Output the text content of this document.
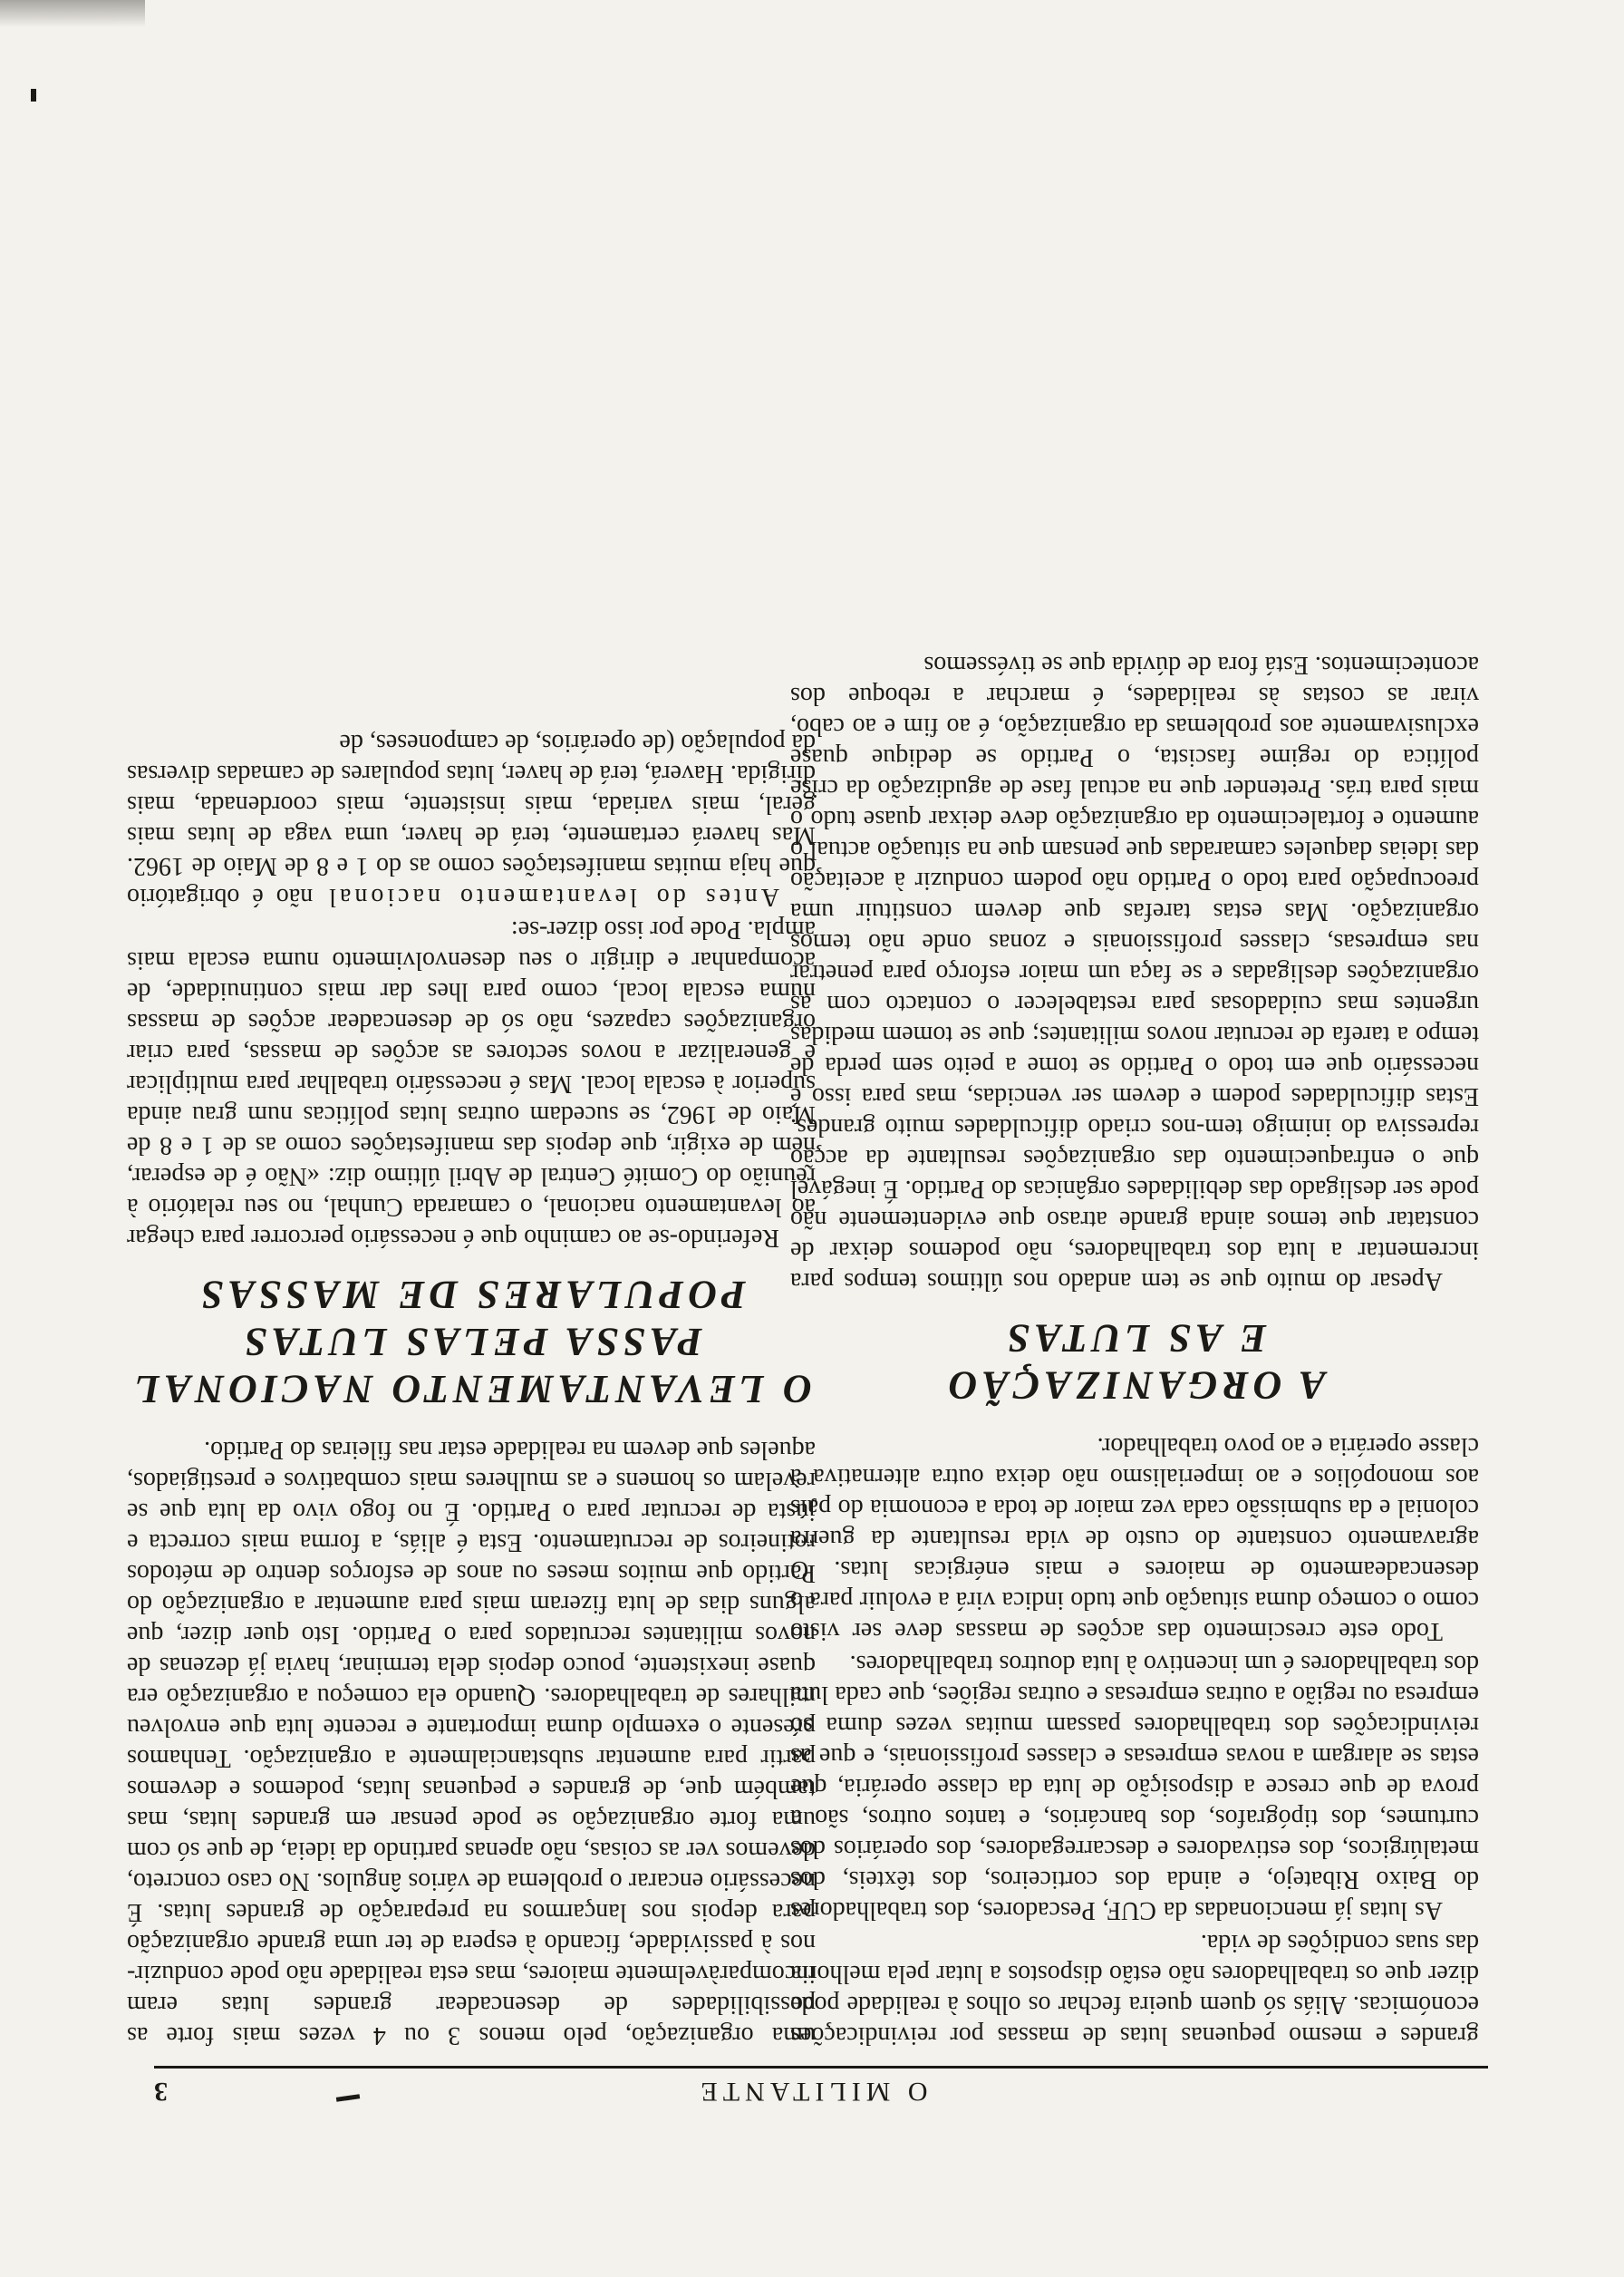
O MILITANTE
3

grandes e mesmo pequenas lutas de massas por reivindicações económicas. Aliás só quem queira fechar os olhos à realidade pode dizer que os trabalhadores não estão dispostos a lutar pela melhoria das suas condições de vida.

As lutas já mencionadas da CUF, Pescadores, dos trabalhadores do Baixo Ribatejo, e ainda dos corticeiros, dos têxteis, dos metalúrgicos, dos estivadores e descarregadores, dos operários dos curtumes, dos tipógrafos, dos bancários, e tantos outros, são a prova de que cresce a disposição de luta da classe operária, que estas se alargam a novas empresas e classes profissionais, e que as reivindicações dos trabalhadores passam muitas vezes duma só empresa ou região a outras empresas e outras regiões, que cada luta dos trabalhadores é um incentivo à luta doutros trabalhadores.

Todo este crescimento das acções de massas deve ser visto como o começo duma situação que tudo indica virá a evoluir para o desencadeamento de maiores e mais enérgicas lutas. O agravamento constante do custo de vida resultante da guerra colonial e da submissão cada vez maior de toda a economia do país aos monopólios e ao imperialismo não deixa outra alternativa à classe operária e ao povo trabalhador.

A ORGANIZAÇÃO
E AS LUTAS

Apesar do muito que se tem andado nos últimos tempos para incrementar a luta dos trabalhadores, não podemos deixar de constatar que temos ainda grande atraso que evidentemente não pode ser desligado das debilidades orgânicas do Partido. É inegável que o enfraquecimento das organizações resultante da acção repressiva do inimigo tem-nos criado dificuldades muito grandes. Estas dificuldades podem e devem ser vencidas, mas para isso é necessário que em todo o Partido se tome a peito sem perda de tempo a tarefa de recrutar novos militantes; que se tomem medidas urgentes mas cuidadosas para restabelecer o contacto com as organizações desligadas e se faça um maior esforço para penetrar nas empresas, classes profissionais e zonas onde não temos organização. Mas estas tarefas que devem constituir uma preocupação para todo o Partido não podem conduzir à aceitação das ideias daqueles camaradas que pensam que na situação actual o aumento e fortalecimento da organização deve deixar quase tudo o mais para trás. Pretender que na actual fase de agudização da crise política do regime fascista, o Partido se dedique quase exclusivamente aos problemas da organização, é ao fim e ao cabo, virar as costas às realidades, é marchar a reboque dos acontecimentos. Está fora de dúvida que se tivéssemos

uma organização, pelo menos 3 ou 4 vezes mais forte as possibilidades de desencadear grandes lutas eram incomparàvelmente maiores, mas esta realidade não pode conduzir-nos à passividade, ficando à espera de ter uma grande organização para depois nos lançarmos na preparação de grandes lutas. É necessário encarar o problema de vários ângulos. No caso concreto, devemos ver as coisas, não apenas partindo da ideia, de que só com uma forte organização se pode pensar em grandes lutas, mas também que, de grandes e pequenas lutas, podemos e devemos partir para aumentar substancialmente a organização. Tenhamos presente o exemplo duma importante e recente luta que envolveu milhares de trabalhadores. Quando ela começou a organização era quase inexistente, pouco depois dela terminar, havia já dezenas de novos militantes recrutados para o Partido. Isto quer dizer, que alguns dias de luta fizeram mais para aumentar a organização do Partido que muitos meses ou anos de esforços dentro de métodos rotineiros de recrutamento. Esta é aliás, a forma mais correcta e justa de recrutar para o Partido. É no fogo vivo da luta que se revelam os homens e as mulheres mais combativos e prestigiados, aqueles que devem na realidade estar nas fileiras do Partido.

O LEVANTAMENTO NACIONAL
PASSA PELAS LUTAS
POPULARES DE MASSAS

Referindo-se ao caminho que é necessário percorrer para chegar ao levantamento nacional, o camarada Cunhal, no seu relatório à reunião do Comité Central de Abril último diz: «Não é de esperar, nem de exigir, que depois das manifestações como as de 1 e 8 de Maio de 1962, se sucedam outras lutas políticas num grau ainda superior à escala local. Mas é necessário trabalhar para multiplicar e generalizar a novos sectores as acções de massas, para criar organizações capazes, não só de desencadear acções de massas numa escala local, como para lhes dar mais continuidade, de acompanhar e dirigir o seu desenvolvimento numa escala mais ampla. Pode por isso dizer-se:

Antes do levantamento nacional não é obrigatório que haja muitas manifestações como as do 1 e 8 de Maio de 1962. Mas haverá certamente, terá de haver, uma vaga de lutas mais geral, mais variada, mais insistente, mais coordenada, mais dirigida. Haverá, terá de haver, lutas populares de camadas diversas da população (de operários, de camponeses, de
